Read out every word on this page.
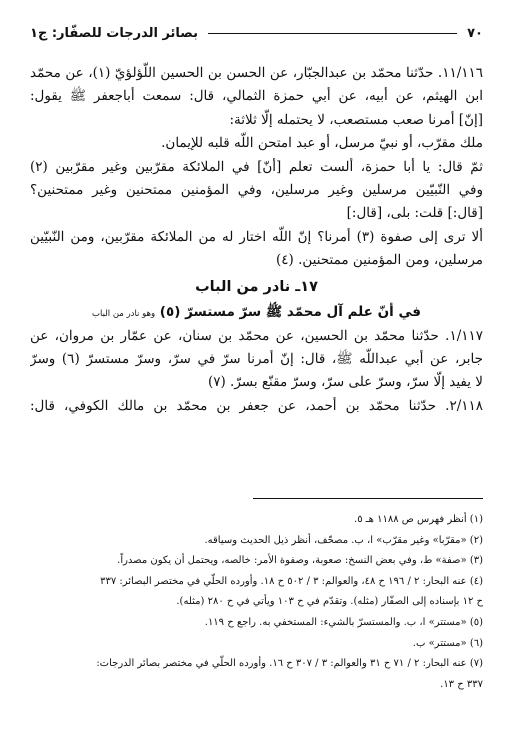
٧٠
بصائر الدرجات للصفّار: ج١
١١/١١٦. حدّثنا محمّد بن عبدالجبّار، عن الحسن بن الحسين اللّؤلؤيّ (١)، عن محمّد
ابن الهيثم، عن أبيه، عن أبي حمزة الثمالي، قال: سمعت أباجعفر ﷺ يقول:
[إنّ] أمرنا صعب مستصعب، لا يحتمله إلّا ثلاثة:
ملك مقرّب، أو نبيّ مرسل، أو عبد امتحن اللّه قلبه للإيمان.
ثمّ قال: يا أبا حمزة، ألست تعلم [أنّ] في الملائكة مقرّبين وغير مقرّبين (٢)
وفي النّبيّين مرسلين وغير مرسلين، وفي المؤمنين ممتحنين وغير ممتحنين؟
[قال:] قلت: بلى، [قال:]
ألا ترى إلى صفوة (٣) أمرنا؟ إنّ اللّه اختار له من الملائكة مقرّبين، ومن النّبيّين
مرسلين، ومن المؤمنين ممتحنين. (٤)
١٧ـ نادر من الباب
في أنّ علم آل محمّد ﷺ سرّ مستسرّ (٥) وهو نادر من الباب
١/١١٧. حدّثنا محمّد بن الحسين، عن محمّد بن سنان، عن عمّار بن مروان، عن
جابر، عن أبي عبداللّه ﷺ، قال: إنّ أمرنا سرّ في سرّ، وسرّ مستسرّ (٦) وسرّ
لا يفيد إلّا سرّ، وسرّ على سرّ، وسرّ مقنّع بسرّ. (٧)
٢/١١٨. حدّثنا محمّد بن أحمد، عن جعفر بن محمّد بن مالك الكوفي، قال:
(١) أنظر فهرس ص ١١٨٨ هـ ٥.
(٢) «مقرّبا» وغير مقرّب» ا، ب. مصحّف، أنظر ذيل الحديث وسياقه.
(٣) «صفة» ط، وفي بعض النسخ: صعوبة، وصفوة الأمر: خالصه، ويحتمل أن يكون مصدراً.
(٤) عنه البحار: ٢ / ١٩٦ ح ٤٨، والعوالم: ٣ / ٥٠٢ ح ١٨. وأورده الحلّي في مختصر البصائر: ٣٣٧
ح ١٢ بإسناده إلى الصفّار (مثله). وتقدّم في ح ١٠٣ ويأتي في ح ٢٨٠ (مثله).
(٥) «مستتر» ا، ب. والمستسرّ بالشيء: المستخفي به. راجع ح ١١٩.
(٦) «مستتر» ب.
(٧) عنه البحار: ٢ / ٧١ ح ٣١ والعوالم: ٣ / ٣٠٧ ح ١٦. وأورده الحلّي في مختصر بصائر الدرجات:
٣٣٧ ح ١٣.
